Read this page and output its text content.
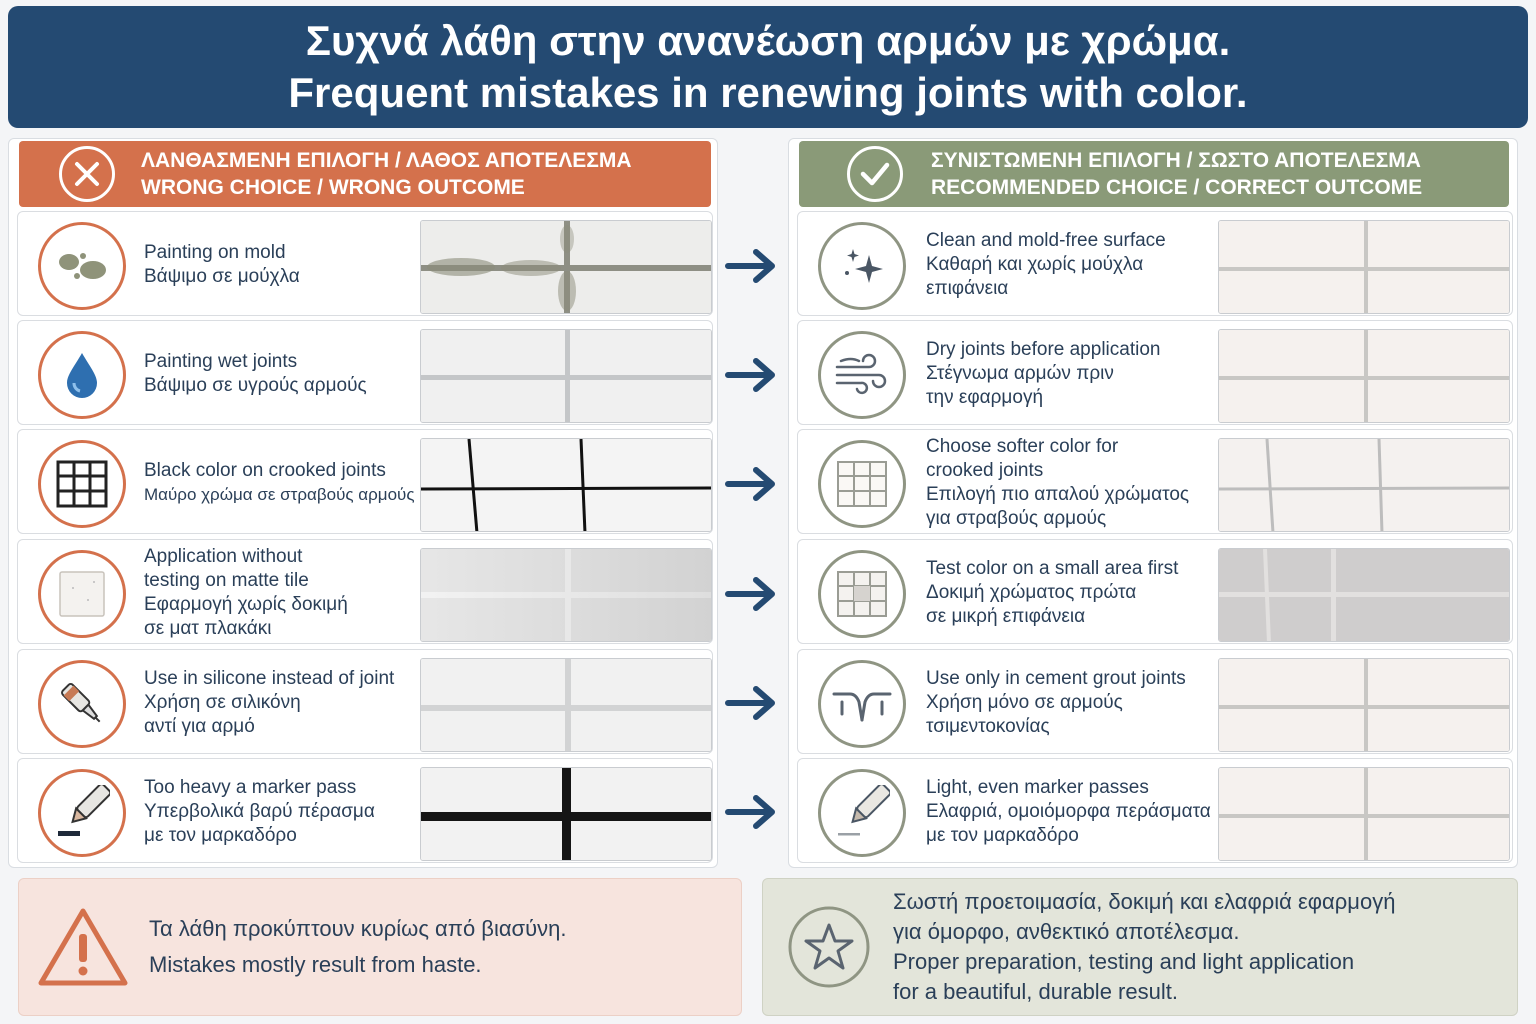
Συχνά λάθη στην ανανέωση αρμών με χρώμα.
Frequent mistakes in renewing joints with color.
ΛΑΝΘΑΣΜΕΝΗ ΕΠΙΛΟΓΗ / ΛΑΘΟΣ ΑΠΟΤΕΛΕΣΜΑ
WRONG CHOICE / WRONG OUTCOME
Painting on mold
Βάψιμο σε μούχλα
Painting wet joints
Βάψιμο σε υγρούς αρμούς
Black color on crooked joints
Μαύρο χρώμα σε στραβούς αρμούς
Application without
testing on matte tile
Εφαρμογή χωρίς δοκιμή
σε ματ πλακάκι
Use in silicone instead of joint
Χρήση σε σιλικόνη
αντί για αρμό
Too heavy a marker pass
Υπερβολικά βαρύ πέρασμα
με τον μαρκαδόρο
ΣΥΝΙΣΤΩΜΕΝΗ ΕΠΙΛΟΓΗ / ΣΩΣΤΟ ΑΠΟΤΕΛΕΣΜΑ
RECOMMENDED CHOICE / CORRECT OUTCOME
Clean and mold-free surface
Καθαρή και χωρίς μούχλα
επιφάνεια
Dry joints before application
Στέγνωμα αρμών πριν
την εφαρμογή
Choose softer color for
crooked joints
Επιλογή πιο απαλού χρώματος
για στραβούς αρμούς
Test color on a small area first
Δοκιμή χρώματος πρώτα
σε μικρή επιφάνεια
Use only in cement grout joints
Χρήση μόνο σε αρμούς
τσιμεντοκονίας
Light, even marker passes
Ελαφριά, ομοιόμορφα περάσματα
με τον μαρκαδόρο
Τα λάθη προκύπτουν κυρίως από βιασύνη.
Mistakes mostly result from haste.
Σωστή προετοιμασία, δοκιμή και ελαφριά εφαρμογή
για όμορφο, ανθεκτικό αποτέλεσμα.
Proper preparation, testing and light application
for a beautiful, durable result.
